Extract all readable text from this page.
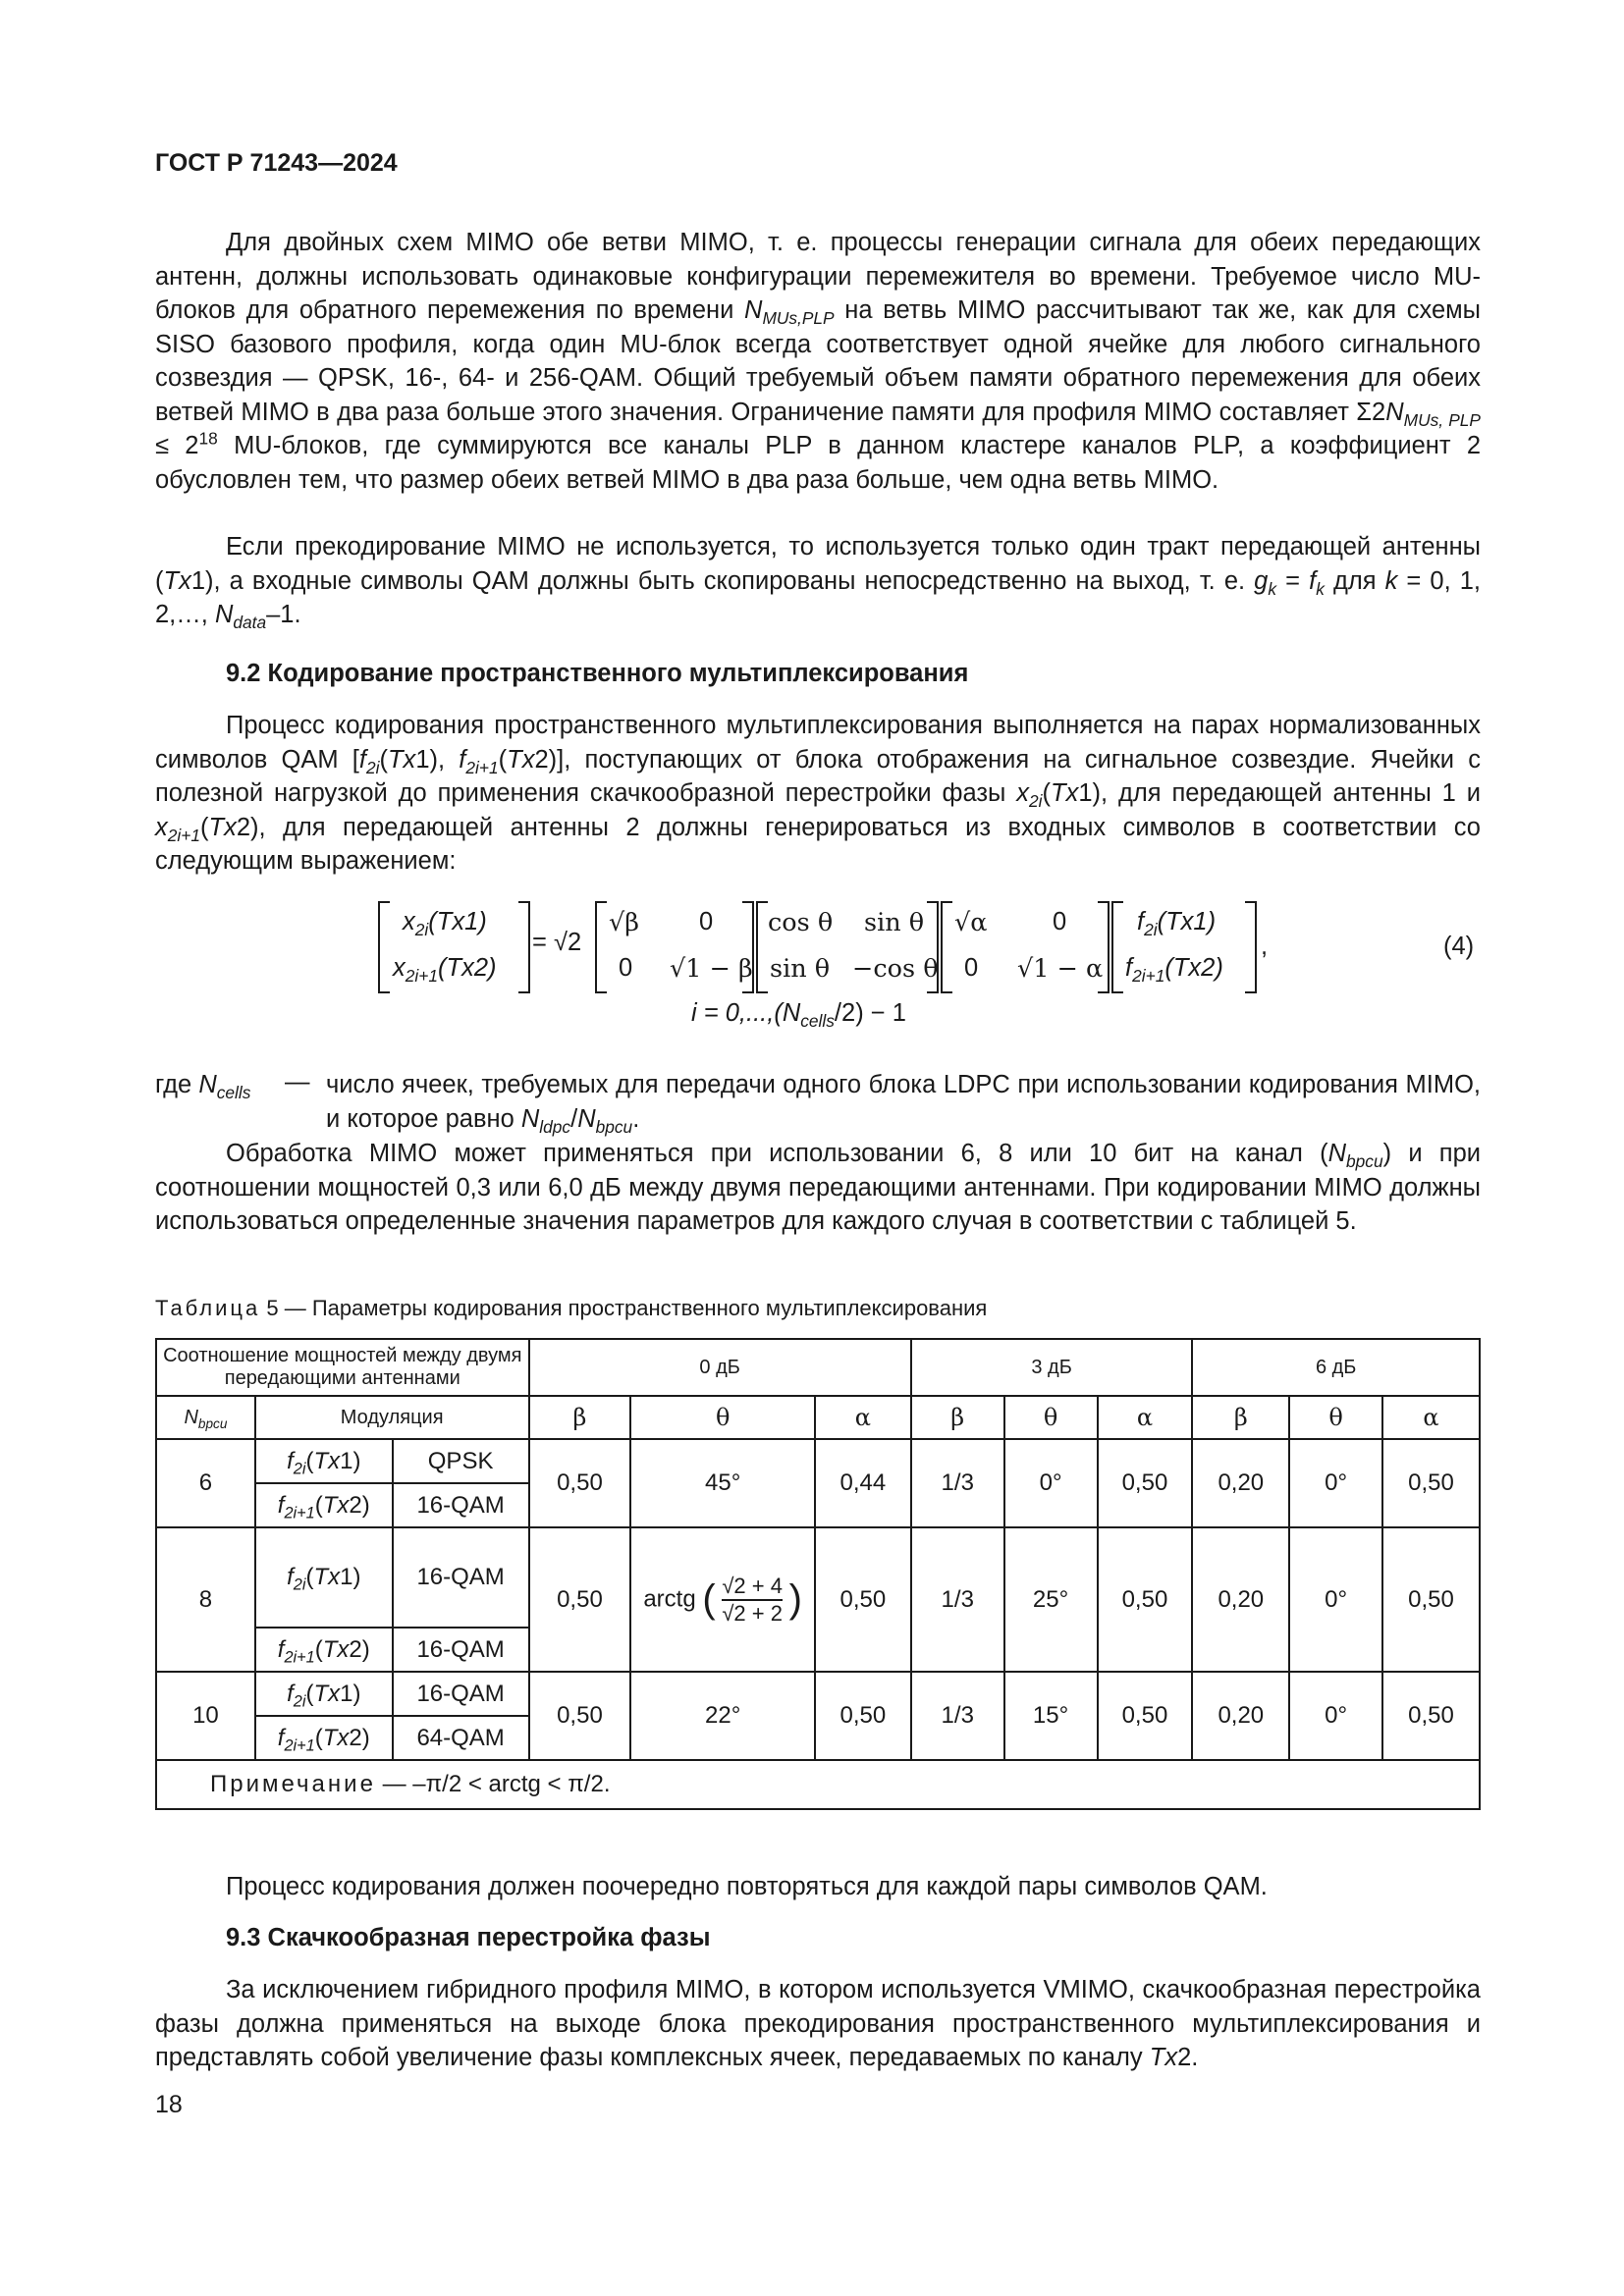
ГОСТ Р 71243—2024
Для двойных схем MIMO обе ветви MIMO, т. е. процессы генерации сигнала для обеих передающих антенн, должны использовать одинаковые конфигурации перемежителя во времени. Требуемое число MU-блоков для обратного перемежения по времени $N_{MUs,PLP}$ на ветвь MIMO рассчитывают так же, как для схемы SISO базового профиля, когда один MU-блок всегда соответствует одной ячейке для любого сигнального созвездия — QPSK, 16-, 64- и 256-QAM. Общий требуемый объем памяти обратного перемежения для обеих ветвей MIMO в два раза больше этого значения. Ограничение памяти для профиля MIMO составляет $\Sigma 2N_{MUs, PLP} \le 2^{18}$ MU-блоков, где суммируются все каналы PLP в данном кластере каналов PLP, а коэффициент 2 обусловлен тем, что размер обеих ветвей MIMO в два раза больше, чем одна ветвь MIMO.
Если прекодирование MIMO не используется, то используется только один тракт передающей антенны (Tx1), а входные символы QAM должны быть скопированы непосредственно на выход, т. е. $g_k = f_k$ для k = 0, 1, 2,…, $N_{data}-1$.
9.2 Кодирование пространственного мультиплексирования
Процесс кодирования пространственного мультиплексирования выполняется на парах нормализованных символов QAM [$f_{2i}(Tx1)$, $f_{2i+1}(Tx2)$], поступающих от блока отображения на сигнальное созвездие. Ячейки с полезной нагрузкой до применения скачкообразной перестройки фазы $x_{2i}(Tx1)$, для передающей антенны 1 и $x_{2i+1}(Tx2)$, для передающей антенны 2 должны генерироваться из входных символов в соответствии со следующим выражением:
$x_{2i}(Tx1)$
$x_{2i+1}(Tx2)$
= √2
√β 0
0 √1 − β
cos θ sin θ
sin θ −cos θ
√α	0
0 √1 − α
$f_{2i}(Tx1)$
$f_{2i+1}(Tx2)$
,	(4)
$i = 0,...,(N_{cells}/2) - 1$
где $N_{cells}$	— число ячеек, требуемых для передачи одного блока LDPC при использовании кодирования MIMO, и которое равно $N_{ldpc}/N_{bpcu}$.
Обработка MIMO может применяться при использовании 6, 8 или 10 бит на канал $(N_{bpcu})$ и при соотношении мощностей 0,3 или 6,0 дБ между двумя передающими антеннами. При кодировании MIMO должны использоваться определенные значения параметров для каждого случая в соответствии с таблицей 5.
Таблица 5 — Параметры кодирования пространственного мультиплексирования
Соотношение мощностей между двумя передающими антеннами			0 дБ			3 дБ			6 дБ		
$N_{bpcu}$	Модуляция		β	θ	α	β	θ	α	β	θ	α
6	$f_{2i}(Tx1)$	QPSK	0,50	45°	0,44	1/3	0°	0,50	0,20	0°	0,50
	$f_{2i+1}(Tx2)$	16-QAM									
8	$f_{2i}(Tx1)$	16-QAM	0,50	arctg ( $\frac{√2 + 4}{√2 + 2}$ )	0,50	1/3	25°	0,50	0,20	0°	0,50
	$f_{2i+1}(Tx2)$	16-QAM									
10	$f_{2i}(Tx1)$	16-QAM	0,50	22°	0,50	1/3	15°	0,50	0,20	0°	0,50
	$f_{2i+1}(Tx2)$	64-QAM									
Примечание — –π/2 < arctg < π/2.											
Процесс кодирования должен поочередно повторяться для каждой пары символов QAM.
9.3 Скачкообразная перестройка фазы
За исключением гибридного профиля MIMO, в котором используется VMIMO, скачкообразная перестройка фазы должна применяться на выходе блока прекодирования пространственного мультиплексирования и представлять собой увеличение фазы комплексных ячеек, передаваемых по каналу Tx2.
18
